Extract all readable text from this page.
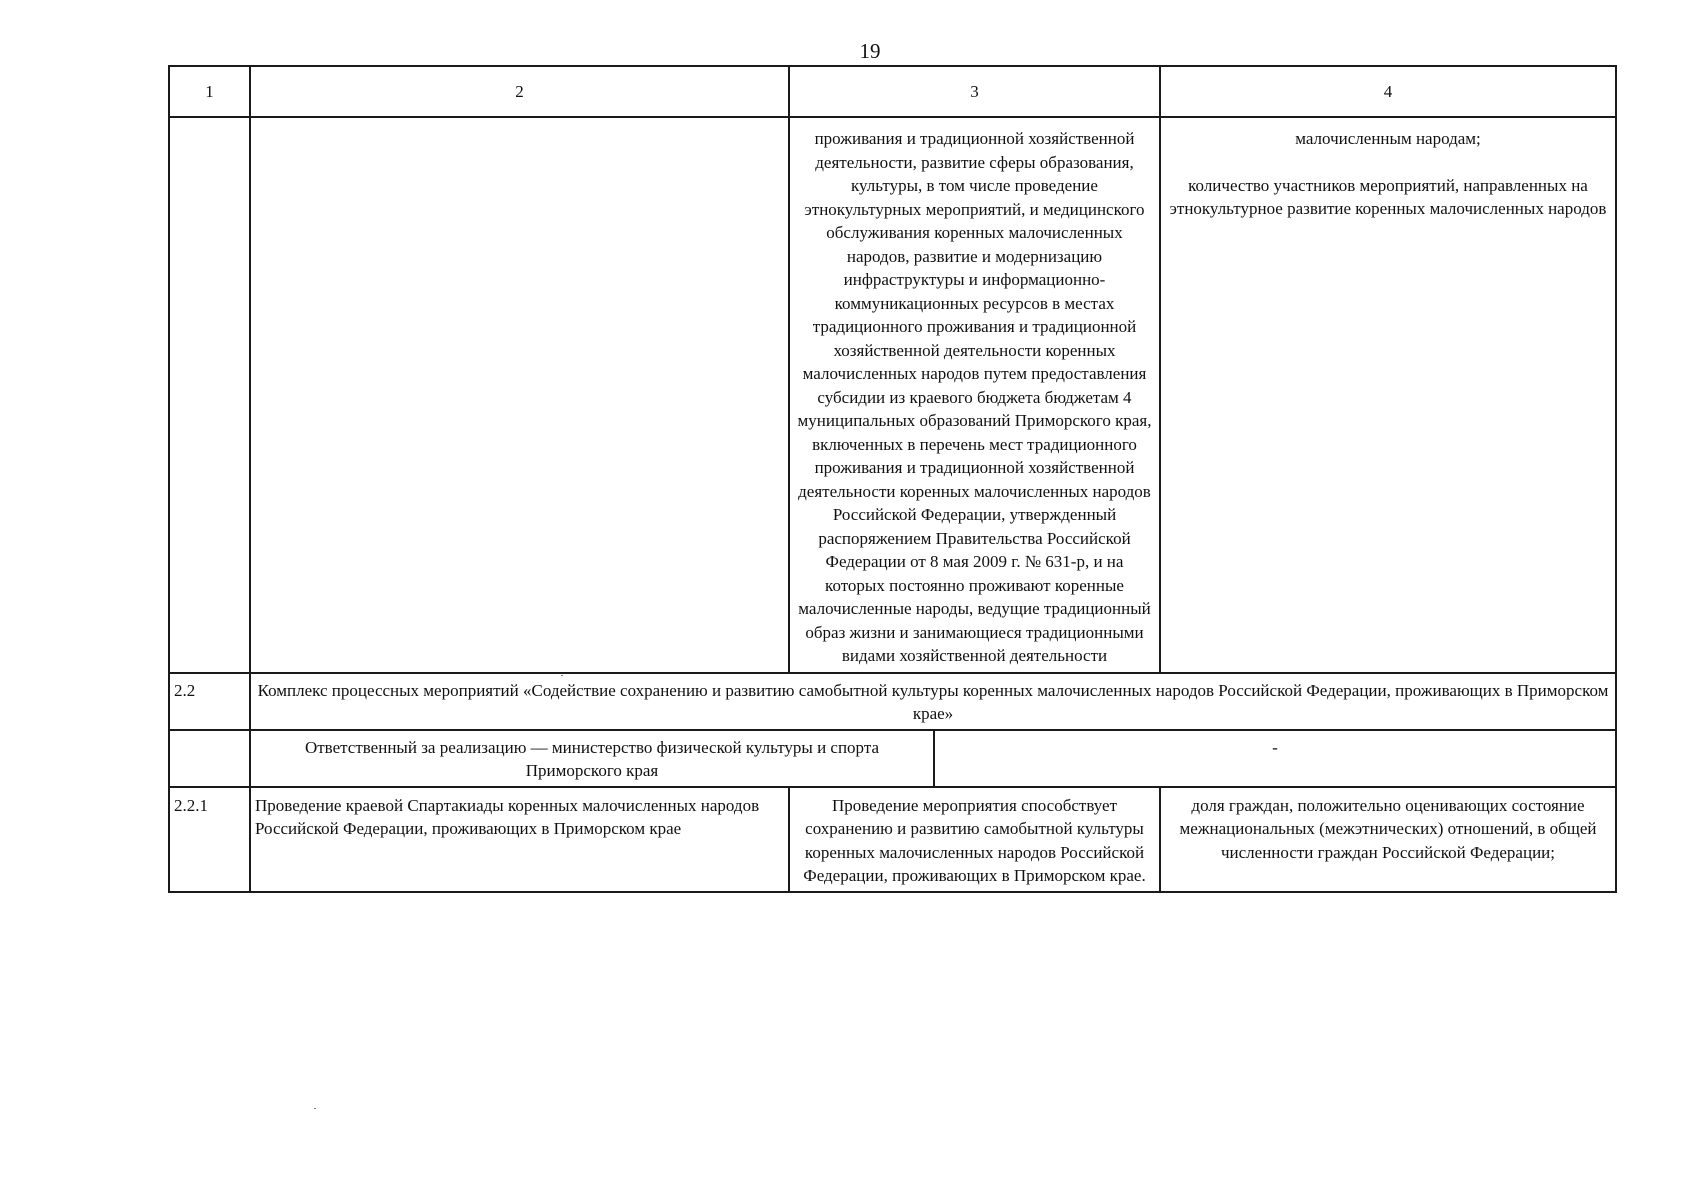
19
1	2	3		4
		проживания и традиционной хозяйственной деятельности, развитие сферы образования, культуры, в том числе проведение этнокультурных мероприятий, и медицинского обслуживания коренных малочисленных народов, развитие и модернизацию инфраструктуры и информационно-коммуникационных ресурсов в местах традиционного проживания и традиционной хозяйственной деятельности коренных малочисленных народов путем предоставления субсидии из краевого бюджета бюджетам 4 муниципальных образований Приморского края, включенных в перечень мест традиционного проживания и традиционной хозяйственной деятельности коренных малочисленных народов Российской Федерации, утвержденный распоряжением Правительства Российской Федерации от 8 мая 2009 г. № 631-р, и на которых постоянно проживают коренные малочисленные народы, ведущие традиционный образ жизни и занимающиеся традиционными видами хозяйственной деятельности		малочисленным народам;
количество участников мероприятий, направленных на этнокультурное развитие коренных малочисленных народов

2.2	Комплекс процессных мероприятий «Содействие сохранению и развитию самобытной культуры коренных малочисленных народов Российской Федерации, проживающих в Приморском крае»			
	Ответственный за реализацию — министерство физической культуры и спорта Приморского края		-	
2.2.1	Проведение краевой Спартакиады коренных малочисленных народов Российской Федерации, проживающих в Приморском крае	Проведение мероприятия способствует сохранению и развитию самобытной культуры коренных малочисленных народов Российской Федерации, проживающих в Приморском крае.		доля граждан, положительно оценивающих состояние межнациональных (межэтнических) отношений, в общей численности граждан Российской Федерации;
